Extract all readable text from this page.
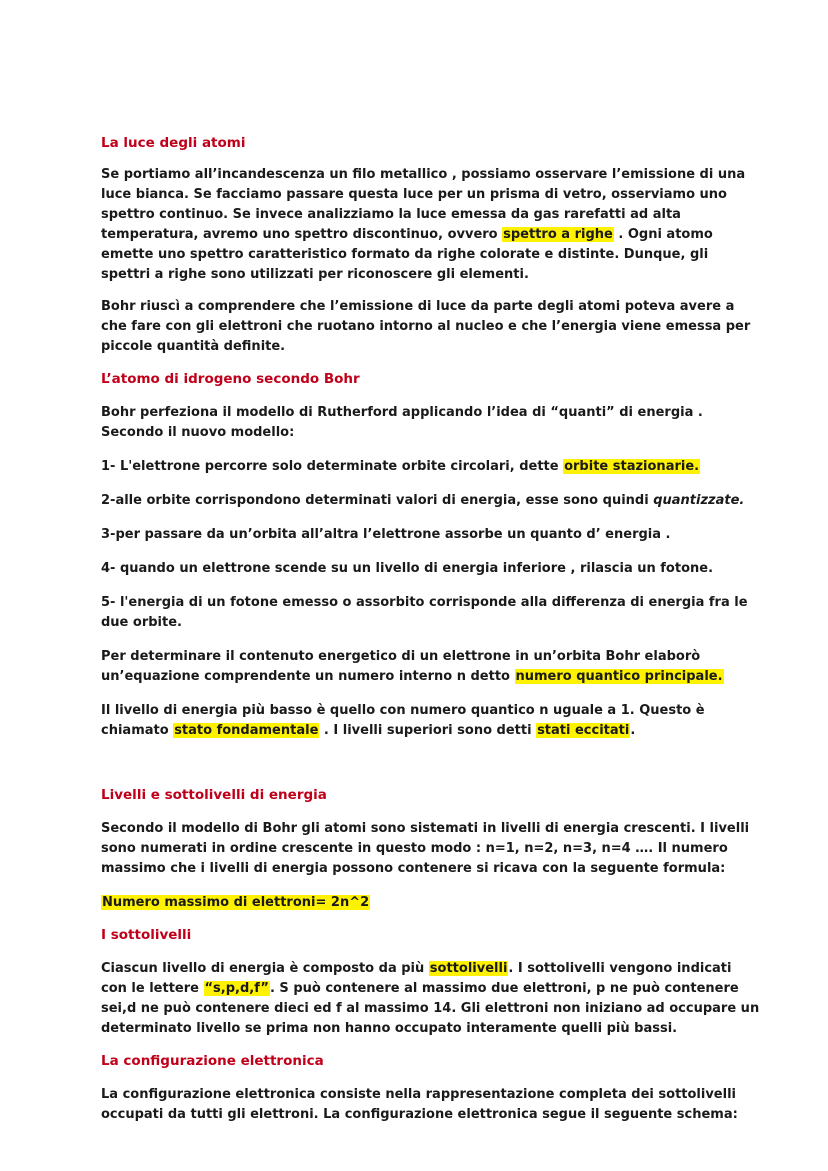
La luce degli atomi

Se portiamo all’incandescenza un filo metallico , possiamo osservare l’emissione di una luce bianca. Se facciamo passare questa luce per un prisma di vetro, osserviamo uno spettro continuo. Se invece analizziamo la luce emessa da gas rarefatti ad alta temperatura, avremo uno spettro discontinuo, ovvero spettro a righe . Ogni atomo emette uno spettro caratteristico formato da righe colorate e distinte. Dunque, gli spettri a righe sono utilizzati per riconoscere gli elementi.

Bohr riuscì a comprendere che l’emissione di luce da parte degli atomi poteva avere a che fare con gli elettroni che ruotano intorno al nucleo e che l’energia viene emessa per piccole quantità definite.

L’atomo di idrogeno secondo Bohr

Bohr perfeziona il modello di Rutherford applicando l’idea di “quanti” di energia . Secondo il nuovo modello:

1- L'elettrone percorre solo determinate orbite circolari, dette orbite stazionarie.

2-alle orbite corrispondono determinati valori di energia, esse sono quindi quantizzate.

3-per passare da un’orbita all’altra l’elettrone assorbe un quanto d’ energia .

4- quando un elettrone scende su un livello di energia inferiore , rilascia un fotone.

5- l'energia di un fotone emesso o assorbito corrisponde alla differenza di energia fra le due orbite.

Per determinare il contenuto energetico di un elettrone in un’orbita Bohr elaborò un’equazione comprendente un numero interno n detto numero quantico principale.

Il livello di energia più basso è quello con numero quantico n uguale a 1. Questo è chiamato stato fondamentale . I livelli superiori sono detti stati eccitati.

Livelli e sottolivelli di energia

Secondo il modello di Bohr gli atomi sono sistemati in livelli di energia crescenti. I livelli sono numerati in ordine crescente in questo modo : n=1, n=2, n=3, n=4 …. Il numero massimo che i livelli di energia possono contenere si ricava con la seguente formula:

Numero massimo di elettroni= 2n^2

I sottolivelli

Ciascun livello di energia è composto da più sottolivelli. I sottolivelli vengono indicati con le lettere “s,p,d,f”. S può contenere al massimo due elettroni, p ne può contenere sei,d ne può contenere dieci ed f al massimo 14. Gli elettroni non iniziano ad occupare un determinato livello se prima non hanno occupato interamente quelli più bassi.

La configurazione elettronica

La configurazione elettronica consiste nella rappresentazione completa dei sottolivelli occupati da tutti gli elettroni. La configurazione elettronica segue il seguente schema:
